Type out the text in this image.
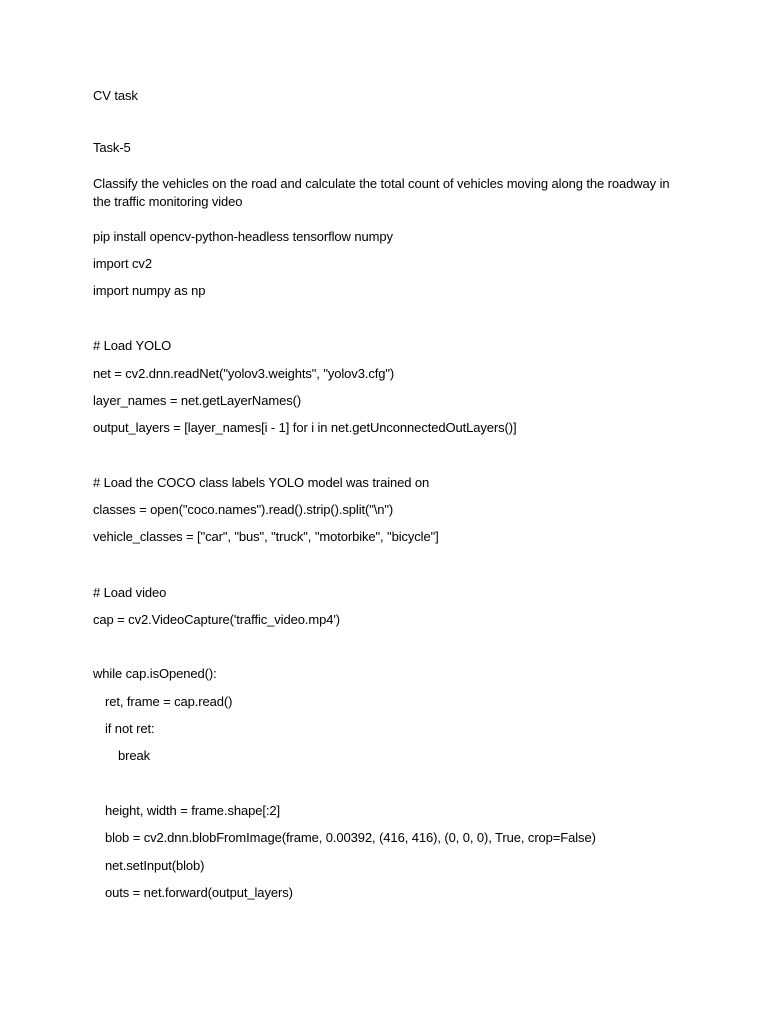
CV task
Task-5
Classify the vehicles on the road and calculate the total count of vehicles moving along the roadway in the traffic monitoring video
pip install opencv-python-headless tensorflow numpy
import cv2
import numpy as np
# Load YOLO
net = cv2.dnn.readNet("yolov3.weights", "yolov3.cfg")
layer_names = net.getLayerNames()
output_layers = [layer_names[i - 1] for i in net.getUnconnectedOutLayers()]
# Load the COCO class labels YOLO model was trained on
classes = open("coco.names").read().strip().split("\n")
vehicle_classes = ["car", "bus", "truck", "motorbike", "bicycle"]
# Load video
cap = cv2.VideoCapture('traffic_video.mp4')
while cap.isOpened():
ret, frame = cap.read()
if not ret:
break
height, width = frame.shape[:2]
blob = cv2.dnn.blobFromImage(frame, 0.00392, (416, 416), (0, 0, 0), True, crop=False)
net.setInput(blob)
outs = net.forward(output_layers)
